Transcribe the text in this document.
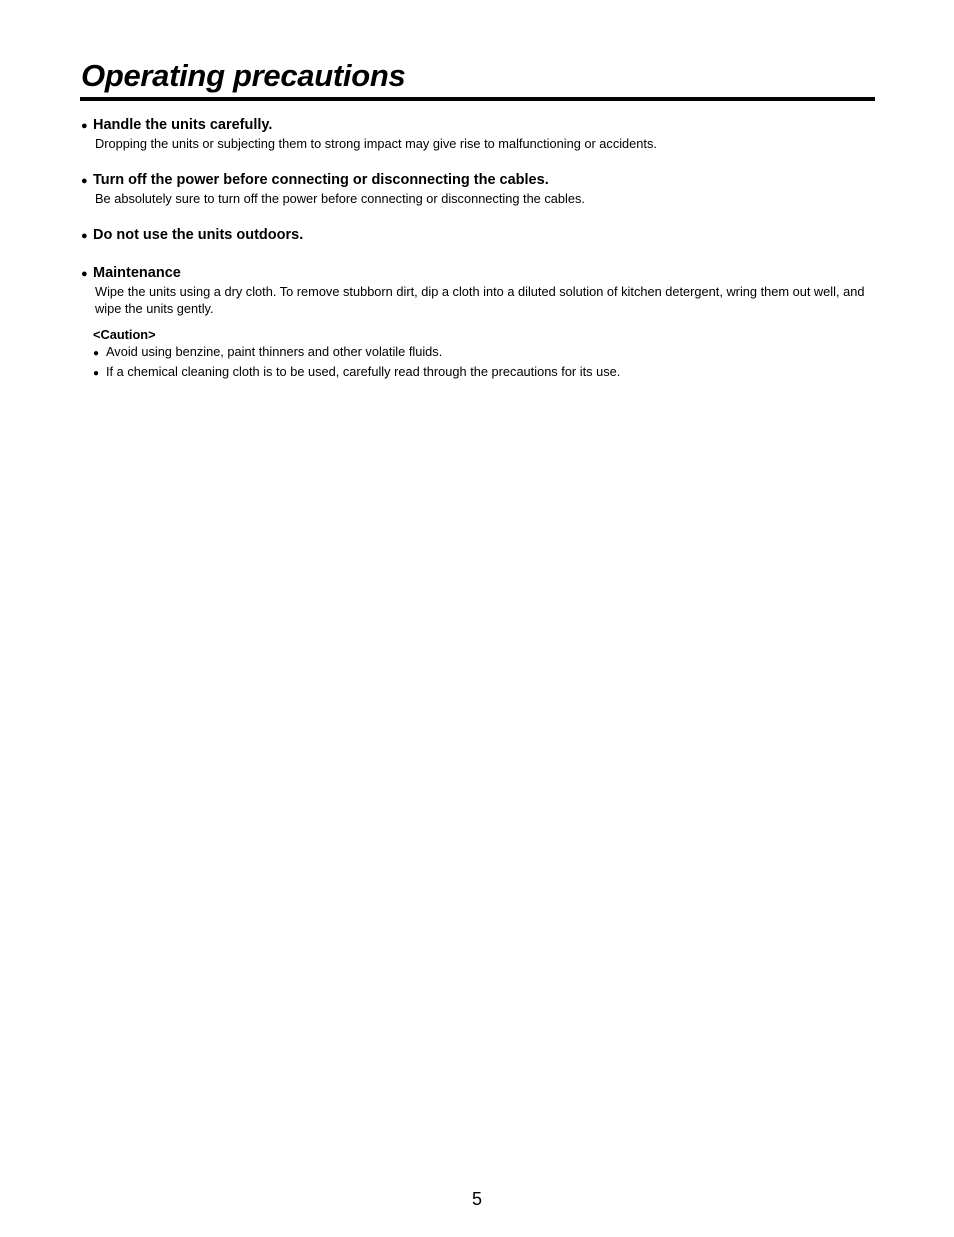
Operating precautions
● Handle the units carefully.
Dropping the units or subjecting them to strong impact may give rise to malfunctioning or accidents.
● Turn off the power before connecting or disconnecting the cables.
Be absolutely sure to turn off the power before connecting or disconnecting the cables.
● Do not use the units outdoors.
● Maintenance
Wipe the units using a dry cloth. To remove stubborn dirt, dip a cloth into a diluted solution of kitchen detergent, wring them out well, and wipe the units gently.
<Caution>
● Avoid using benzine, paint thinners and other volatile fluids.
● If a chemical cleaning cloth is to be used, carefully read through the precautions for its use.
5
